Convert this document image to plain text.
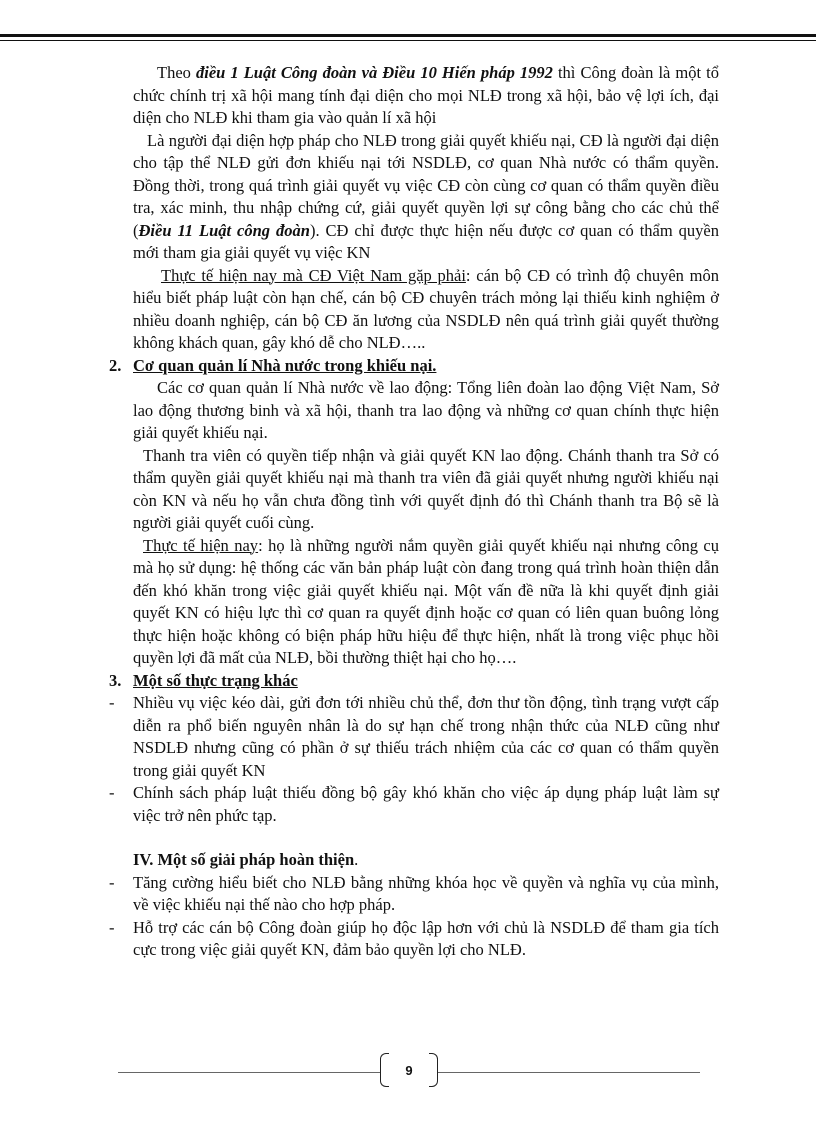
Theo điều 1 Luật Công đoàn và Điều 10 Hiến pháp 1992 thì Công đoàn là một tổ chức chính trị xã hội mang tính đại diện cho mọi NLĐ trong xã hội, bảo vệ lợi ích, đại diện cho NLĐ khi tham gia vào quản lí xã hội

Là người đại diện hợp pháp cho NLĐ trong giải quyết khiếu nại, CĐ là người đại diện cho tập thể NLĐ gửi đơn khiếu nại tới NSDLĐ, cơ quan Nhà nước có thẩm quyền. Đồng thời, trong quá trình giải quyết vụ việc CĐ còn cùng cơ quan có thẩm quyền điều tra, xác minh, thu nhập chứng cứ, giải quyết quyền lợi sự công bằng cho các chủ thể (Điều 11 Luật công đoàn). CĐ chỉ được thực hiện nếu được cơ quan có thẩm quyền mới tham gia giải quyết vụ việc KN

Thực tế hiện nay mà CĐ Việt Nam gặp phải: cán bộ CĐ có trình độ chuyên môn hiểu biết pháp luật còn hạn chế, cán bộ CĐ chuyên trách mỏng lại thiếu kinh nghiệm ở nhiều doanh nghiệp, cán bộ CĐ ăn lương của NSDLĐ nên quá trình giải quyết thường không khách quan, gây khó dễ cho NLĐ…..

2. Cơ quan quản lí Nhà nước trong khiếu nại.

Các cơ quan quản lí Nhà nước về lao động: Tổng liên đoàn lao động Việt Nam, Sở lao động thương binh và xã hội, thanh tra lao động và những cơ quan chính thực hiện giải quyết khiếu nại.

Thanh tra viên có quyền tiếp nhận và giải quyết KN lao động. Chánh thanh tra Sở có thẩm quyền giải quyết khiếu nại mà thanh tra viên đã giải quyết nhưng người khiếu nại còn KN và nếu họ vẫn chưa đồng tình với quyết định đó thì Chánh thanh tra Bộ sẽ là người giải quyết cuối cùng.

Thực tế hiện nay: họ là những người nắm quyền giải quyết khiếu nại nhưng công cụ mà họ sử dụng: hệ thống các văn bản pháp luật còn đang trong quá trình hoàn thiện dẫn đến khó khăn trong việc giải quyết khiếu nại. Một vấn đề nữa là khi quyết định giải quyết KN có hiệu lực thì cơ quan ra quyết định hoặc cơ quan có liên quan buông lỏng thực hiện hoặc không có biện pháp hữu hiệu để thực hiện, nhất là trong việc phục hồi quyền lợi đã mất của NLĐ, bồi thường thiệt hại cho họ….

3. Một số thực trạng khác

- Nhiều vụ việc kéo dài, gửi đơn tới nhiều chủ thể, đơn thư tồn động, tình trạng vượt cấp diễn ra phổ biến nguyên nhân là do sự hạn chế trong nhận thức của NLĐ cũng như NSDLĐ nhưng cũng có phần ở sự thiếu trách nhiệm của các cơ quan có thẩm quyền trong giải quyết KN

- Chính sách pháp luật thiếu đồng bộ gây khó khăn cho việc áp dụng pháp luật làm sự việc trở nên phức tạp.

IV. Một số giải pháp hoàn thiện.

- Tăng cường hiểu biết cho NLĐ bằng những khóa học về quyền và nghĩa vụ của mình, về việc khiếu nại thế nào cho hợp pháp.

- Hỗ trợ các cán bộ Công đoàn giúp họ độc lập hơn với chủ là NSDLĐ để tham gia tích cực trong việc giải quyết KN, đảm bảo quyền lợi cho NLĐ.

9
